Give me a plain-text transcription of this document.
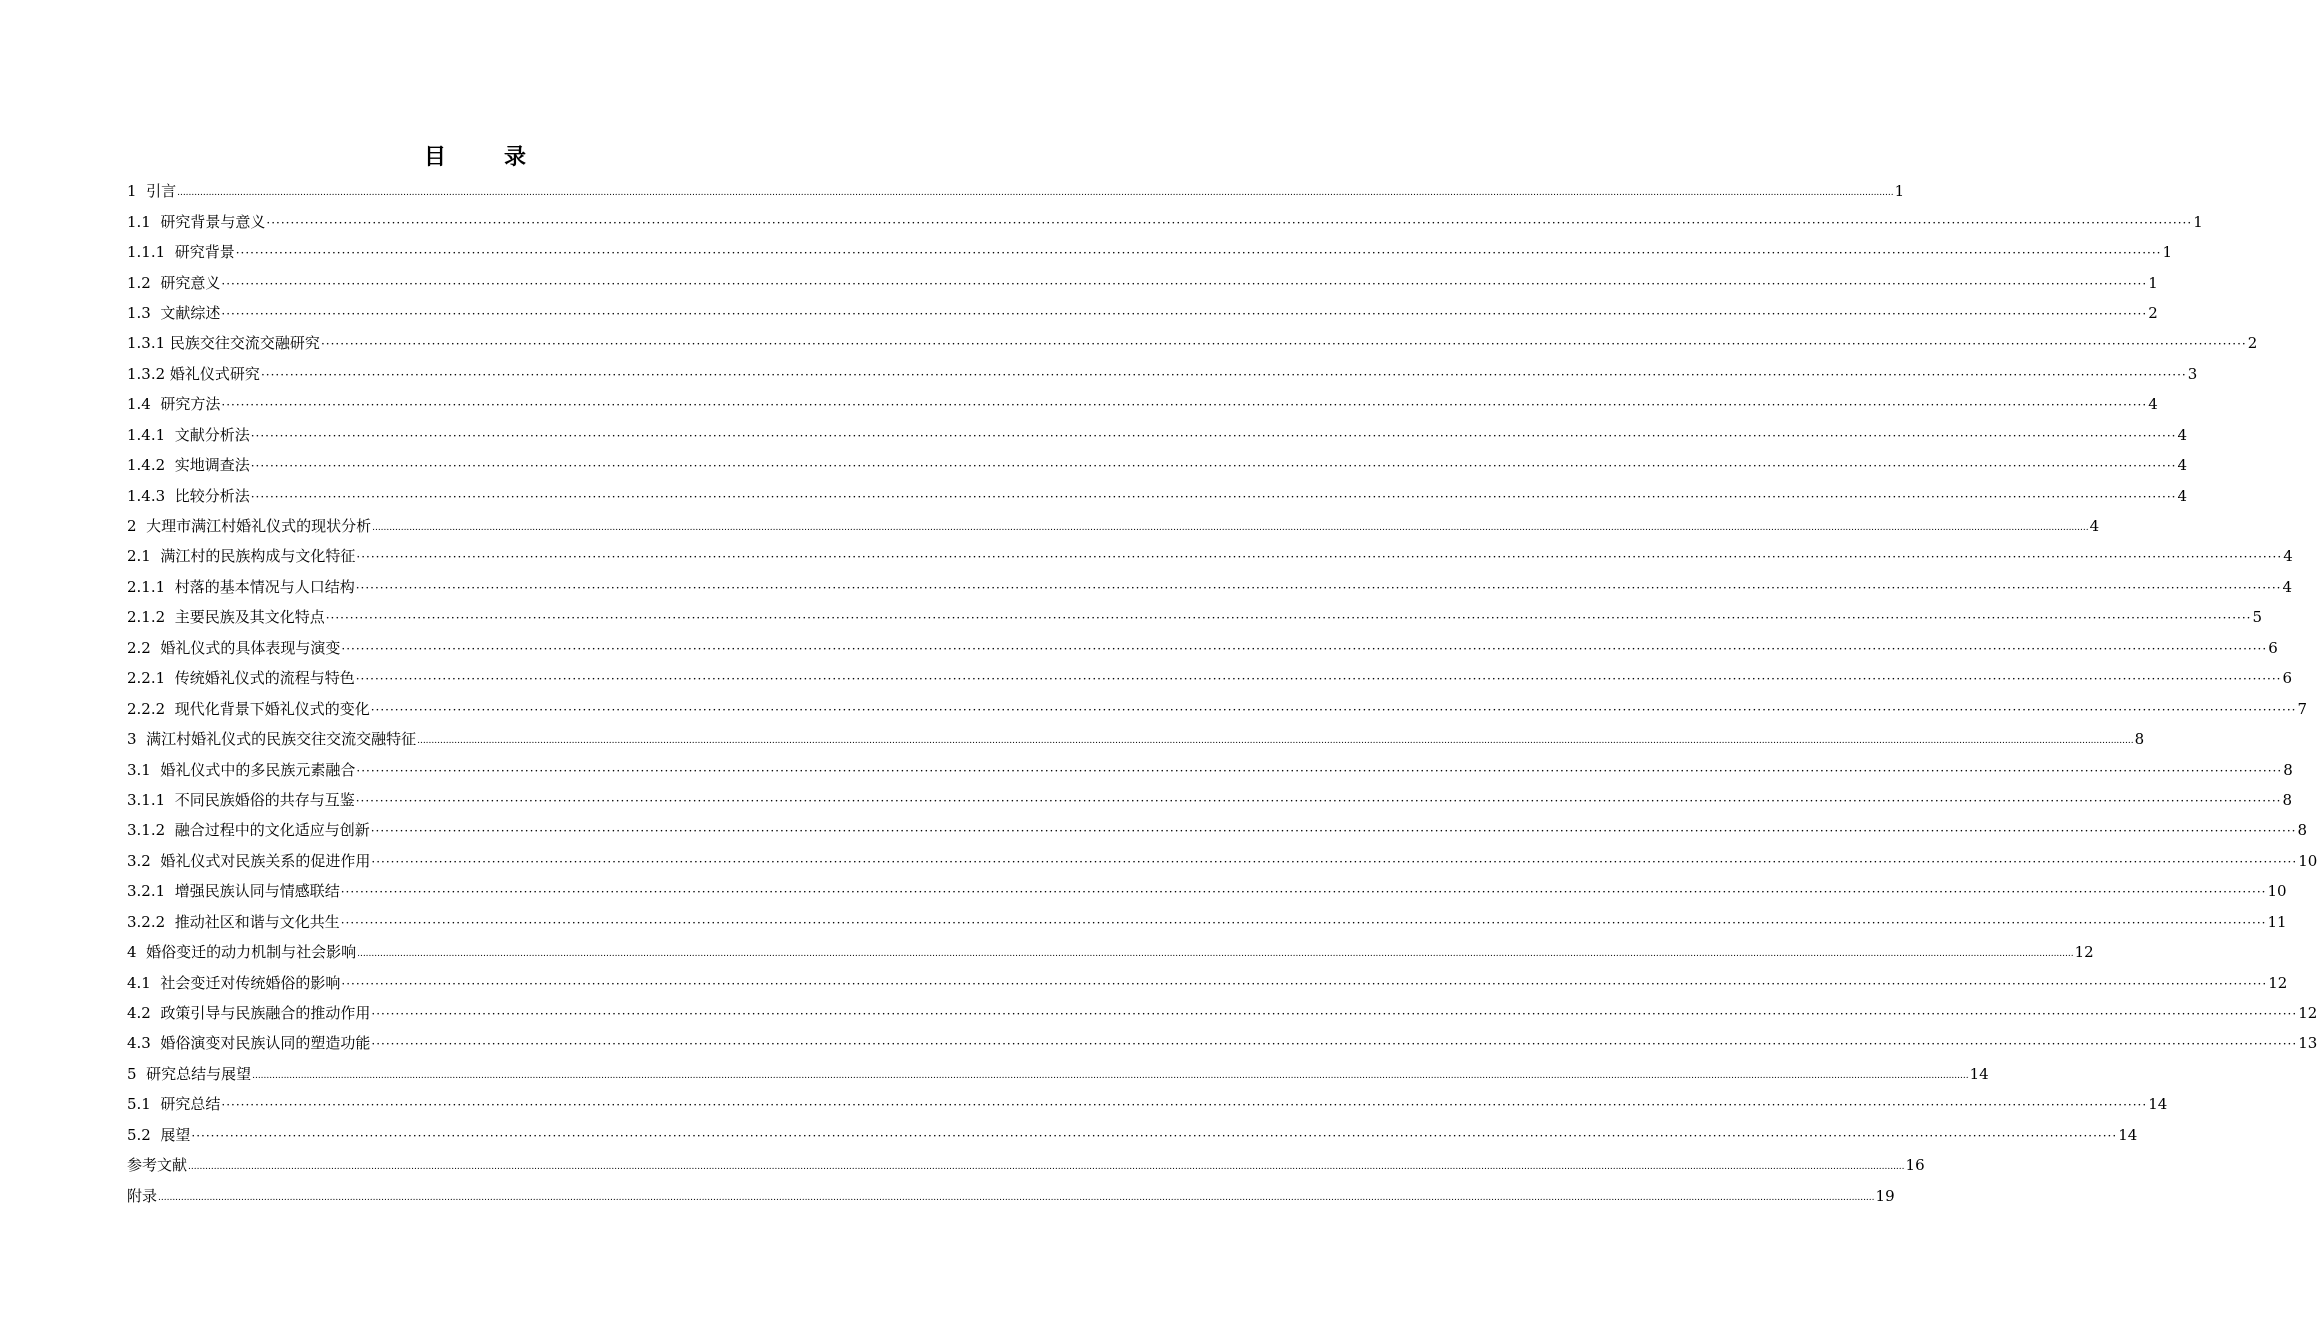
目　录
1  引言 ........................................................................................................................................................................................................................................................................................................................................................................................................................................................................................................................................................................................................................ 1
1.1  研究背景与意义 ················································································································································································································································································································································································································ 1
1.1.1  研究背景 ················································································································································································································································································································································································································ 1
1.2  研究意义 ················································································································································································································································································································································································································ 1
1.3  文献综述 ················································································································································································································································································································································································································ 2
1.3.1 民族交往交流交融研究 ················································································································································································································································································································································································································ 2
1.3.2 婚礼仪式研究 ················································································································································································································································································································································································································ 3
1.4  研究方法 ················································································································································································································································································································································································································ 4
1.4.1  文献分析法 ················································································································································································································································································································································································································ 4
1.4.2  实地调查法 ················································································································································································································································································································································································································ 4
1.4.3  比较分析法 ················································································································································································································································································································································································································ 4
2  大理市满江村婚礼仪式的现状分析 ........................................................................................................................................................................................................................................................................................................................................................................................................................................................................................................................................................................................................................ 4
2.1  满江村的民族构成与文化特征 ················································································································································································································································································································································································································ 4
2.1.1  村落的基本情况与人口结构 ················································································································································································································································································································································································································ 4
2.1.2  主要民族及其文化特点 ················································································································································································································································································································································································································ 5
2.2  婚礼仪式的具体表现与演变 ················································································································································································································································································································································································································ 6
2.2.1  传统婚礼仪式的流程与特色 ················································································································································································································································································································································································································ 6
2.2.2  现代化背景下婚礼仪式的变化 ················································································································································································································································································································································································································ 7
3  满江村婚礼仪式的民族交往交流交融特征 ........................................................................................................................................................................................................................................................................................................................................................................................................................................................................................................................................................................................................................ 8
3.1  婚礼仪式中的多民族元素融合 ················································································································································································································································································································································································································ 8
3.1.1  不同民族婚俗的共存与互鉴 ················································································································································································································································································································································································································ 8
3.1.2  融合过程中的文化适应与创新 ················································································································································································································································································································································································································ 8
3.2  婚礼仪式对民族关系的促进作用 ················································································································································································································································································································································································································ 10
3.2.1  增强民族认同与情感联结 ················································································································································································································································································································································································································ 10
3.2.2  推动社区和谐与文化共生 ················································································································································································································································································································································································································ 11
4  婚俗变迁的动力机制与社会影响 ........................................................................................................................................................................................................................................................................................................................................................................................................................................................................................................................................................................................................................ 12
4.1  社会变迁对传统婚俗的影响 ················································································································································································································································································································································································································ 12
4.2  政策引导与民族融合的推动作用 ················································································································································································································································································································································································································ 12
4.3  婚俗演变对民族认同的塑造功能 ················································································································································································································································································································································································································ 13
5  研究总结与展望 ........................................................................................................................................................................................................................................................................................................................................................................................................................................................................................................................................................................................................................ 14
5.1  研究总结 ················································································································································································································································································································································································································ 14
5.2  展望 ················································································································································································································································································································································································································ 14
参考文献 ........................................................................................................................................................................................................................................................................................................................................................................................................................................................................................................................................................................................................................ 16
附录 ........................................................................................................................................................................................................................................................................................................................................................................................................................................................................................................................................................................................................................ 19
